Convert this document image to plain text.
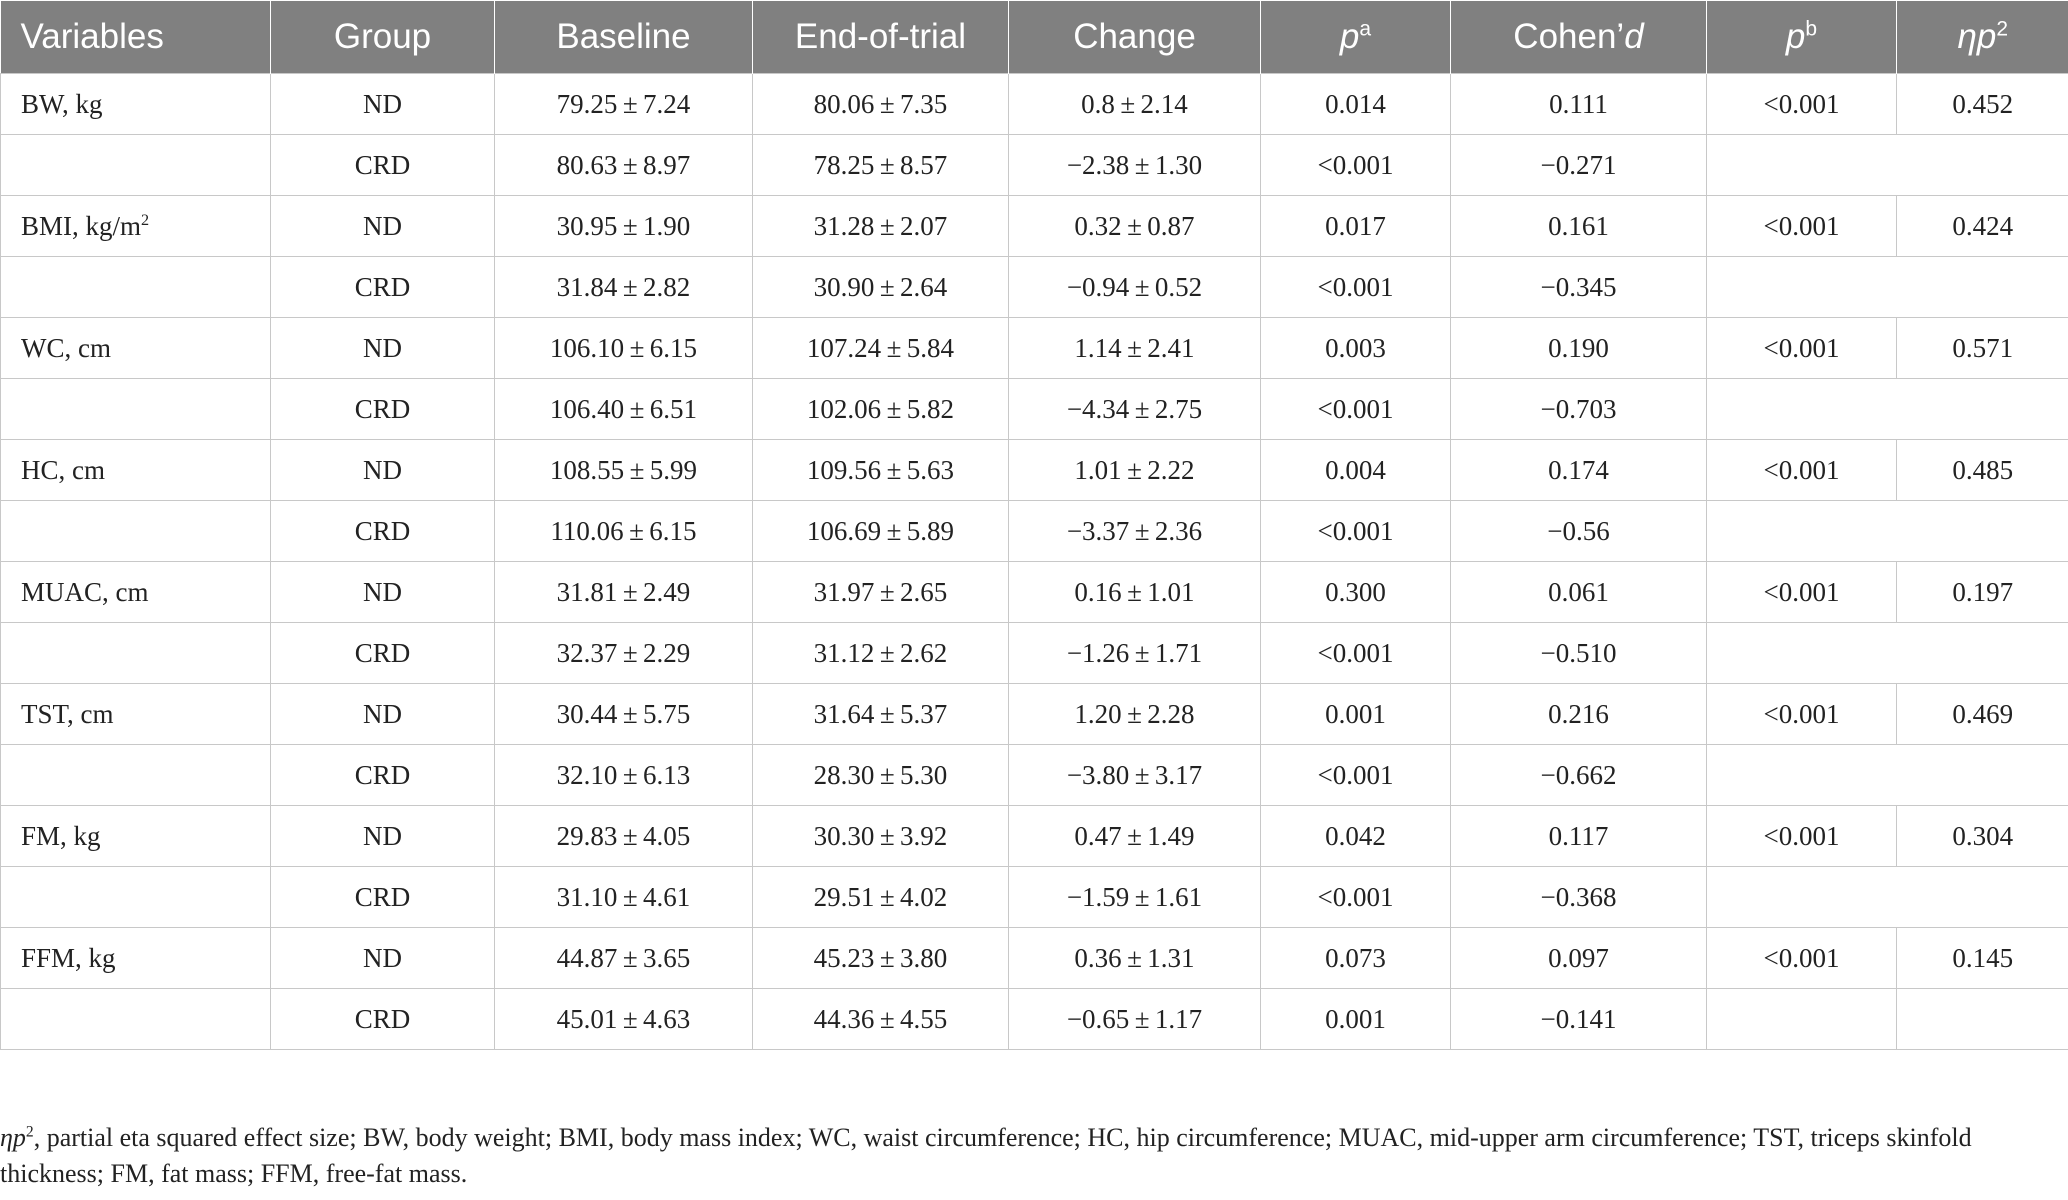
Variables	Group	Baseline	End-of-trial	Change	$p^a$	Cohen’d	$p^b$	$\eta p^2$
BW, kg	ND	79.25 ± 7.24	80.06 ± 7.35	0.8 ± 2.14	0.014	0.111	<0.001	0.452
	CRD	80.63 ± 8.97	78.25 ± 8.57	−2.38 ± 1.30	<0.001	−0.271		
BMI, $kg/m^2$	ND	30.95 ± 1.90	31.28 ± 2.07	0.32 ± 0.87	0.017	0.161	<0.001	0.424
	CRD	31.84 ± 2.82	30.90 ± 2.64	−0.94 ± 0.52	<0.001	−0.345		
WC, cm	ND	106.10 ± 6.15	107.24 ± 5.84	1.14 ± 2.41	0.003	0.190	<0.001	0.571
	CRD	106.40 ± 6.51	102.06 ± 5.82	−4.34 ± 2.75	<0.001	−0.703		
HC, cm	ND	108.55 ± 5.99	109.56 ± 5.63	1.01 ± 2.22	0.004	0.174	<0.001	0.485
	CRD	110.06 ± 6.15	106.69 ± 5.89	−3.37 ± 2.36	<0.001	−0.56		
MUAC, cm	ND	31.81 ± 2.49	31.97 ± 2.65	0.16 ± 1.01	0.300	0.061	<0.001	0.197
	CRD	32.37 ± 2.29	31.12 ± 2.62	−1.26 ± 1.71	<0.001	−0.510		
TST, cm	ND	30.44 ± 5.75	31.64 ± 5.37	1.20 ± 2.28	0.001	0.216	<0.001	0.469
	CRD	32.10 ± 6.13	28.30 ± 5.30	−3.80 ± 3.17	<0.001	−0.662		
FM, kg	ND	29.83 ± 4.05	30.30 ± 3.92	0.47 ± 1.49	0.042	0.117	<0.001	0.304
	CRD	31.10 ± 4.61	29.51 ± 4.02	−1.59 ± 1.61	<0.001	−0.368		
FFM, kg	ND	44.87 ± 3.65	45.23 ± 3.80	0.36 ± 1.31	0.073	0.097	<0.001	0.145
	CRD	45.01 ± 4.63	44.36 ± 4.55	−0.65 ± 1.17	0.001	−0.141		
$\eta p^2$, partial eta squared effect size; BW, body weight; BMI, body mass index; WC, waist circumference; HC, hip circumference; MUAC, mid-upper arm circumference; TST, triceps skinfold thickness; FM, fat mass; FFM, free-fat mass.
